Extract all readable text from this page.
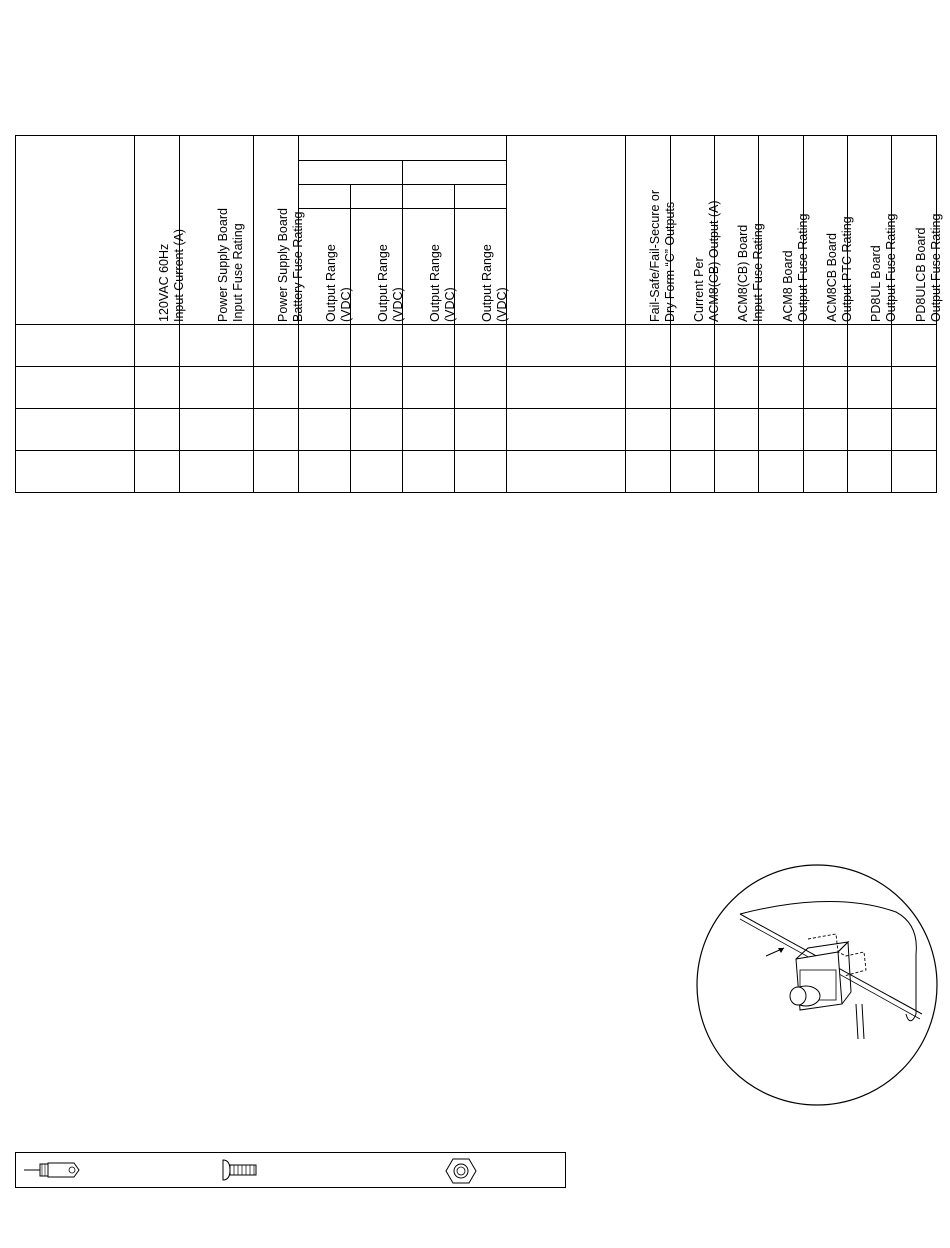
120VAC 60Hz Input Current (A) Power Supply Board Input Fuse Rating Power Supply Board Battery Fuse Rating Output Range (VDC) Output Range (VDC) Output Range (VDC) Output Range (VDC)	Fail-Safe/Fail-Secure or Dry Form “C” Outputs Current Per ACM8(CB) Output (A) ACM8(CB) Board Input Fuse Rating ACM8 Board Output Fuse Rating ACM8CB Board Output PTC Rating PD8UL Board Output Fuse Rating PD8ULCB Board Output Fuse Rating
